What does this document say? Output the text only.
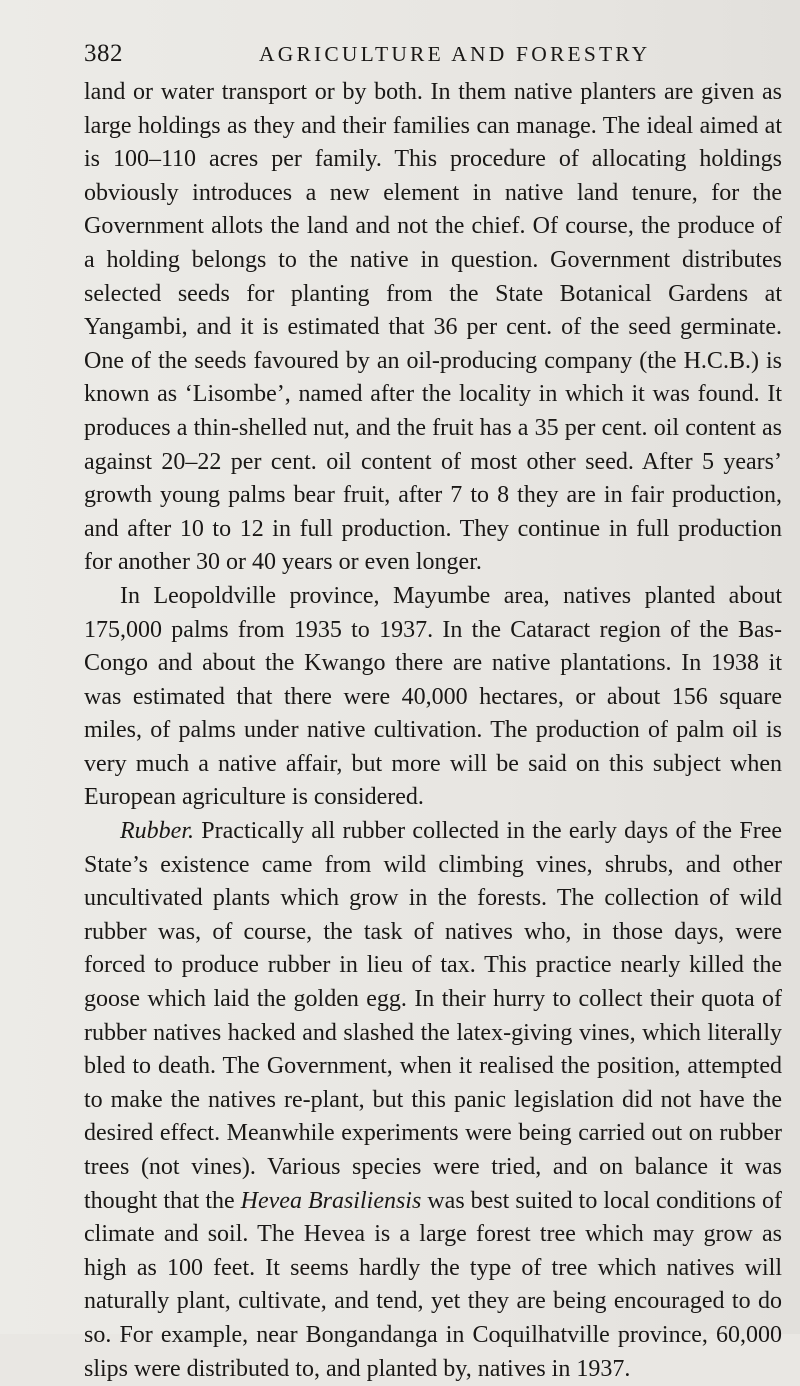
382	AGRICULTURE AND FORESTRY

land or water transport or by both. In them native planters are given as large holdings as they and their families can manage. The ideal aimed at is 100–110 acres per family. This procedure of allocating holdings obviously introduces a new element in native land tenure, for the Government allots the land and not the chief. Of course, the produce of a holding belongs to the native in question. Government distributes selected seeds for planting from the State Botanical Gardens at Yangambi, and it is estimated that 36 per cent. of the seed germinate. One of the seeds favoured by an oil-producing company (the H.C.B.) is known as ‘Lisombe’, named after the locality in which it was found. It produces a thin-shelled nut, and the fruit has a 35 per cent. oil content as against 20–22 per cent. oil content of most other seed. After 5 years’ growth young palms bear fruit, after 7 to 8 they are in fair production, and after 10 to 12 in full production. They continue in full production for another 30 or 40 years or even longer.

In Leopoldville province, Mayumbe area, natives planted about 175,000 palms from 1935 to 1937. In the Cataract region of the Bas-Congo and about the Kwango there are native plantations. In 1938 it was estimated that there were 40,000 hectares, or about 156 square miles, of palms under native cultivation. The production of palm oil is very much a native affair, but more will be said on this subject when European agriculture is considered.

Rubber. Practically all rubber collected in the early days of the Free State’s existence came from wild climbing vines, shrubs, and other uncultivated plants which grow in the forests. The collection of wild rubber was, of course, the task of natives who, in those days, were forced to produce rubber in lieu of tax. This practice nearly killed the goose which laid the golden egg. In their hurry to collect their quota of rubber natives hacked and slashed the latex-giving vines, which literally bled to death. The Government, when it realised the position, attempted to make the natives re-plant, but this panic legislation did not have the desired effect. Meanwhile experiments were being carried out on rubber trees (not vines). Various species were tried, and on balance it was thought that the Hevea Brasiliensis was best suited to local conditions of climate and soil. The Hevea is a large forest tree which may grow as high as 100 feet. It seems hardly the type of tree which natives will naturally plant, cultivate, and tend, yet they are being encouraged to do so. For example, near Bongandanga in Coquilhatville province, 60,000 slips were distributed to, and planted by, natives in 1937.
